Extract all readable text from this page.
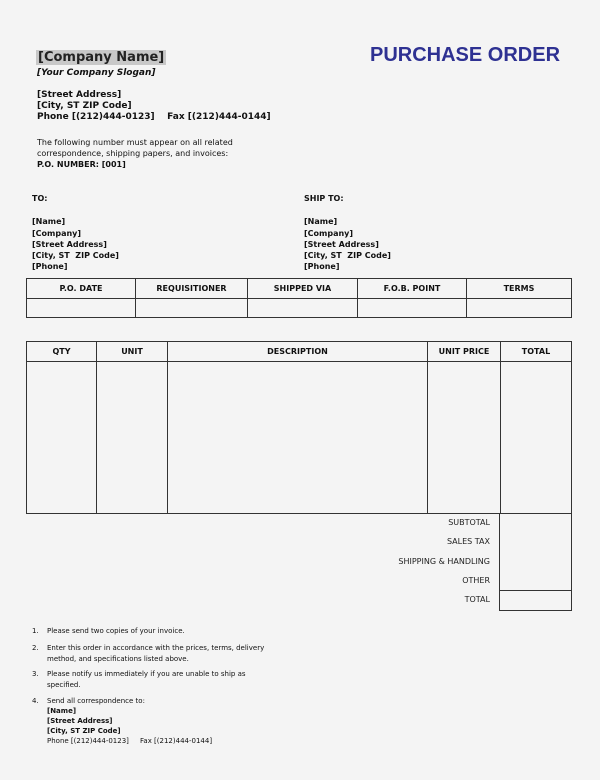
PURCHASE ORDER
[Company Name]
[Your Company Slogan]
[Street Address]
[City, ST ZIP Code]
Phone [(212)444-0123]    Fax [(212)444-0144]
The following number must appear on all related
correspondence, shipping papers, and invoices:
P.O. NUMBER: [001]
TO:

[Name]
[Company]
[Street Address]
[City, ST  ZIP Code]
[Phone]
SHIP TO:

[Name]
[Company]
[Street Address]
[City, ST  ZIP Code]
[Phone]
P.O. DATE	REQUISITIONER	SHIPPED VIA	F.O.B. POINT	TERMS

QTY	UNIT	DESCRIPTION	UNIT PRICE	TOTAL

SUBTOTAL
SALES TAX
SHIPPING & HANDLING
OTHER
TOTAL
1. Please send two copies of your invoice.
2. Enter this order in accordance with the prices, terms, delivery
method, and specifications listed above.
3. Please notify us immediately if you are unable to ship as
specified.
4. Send all correspondence to:
[Name]
[Street Address]
[City, ST ZIP Code]
Phone [(212)444-0123]     Fax [(212)444-0144]
